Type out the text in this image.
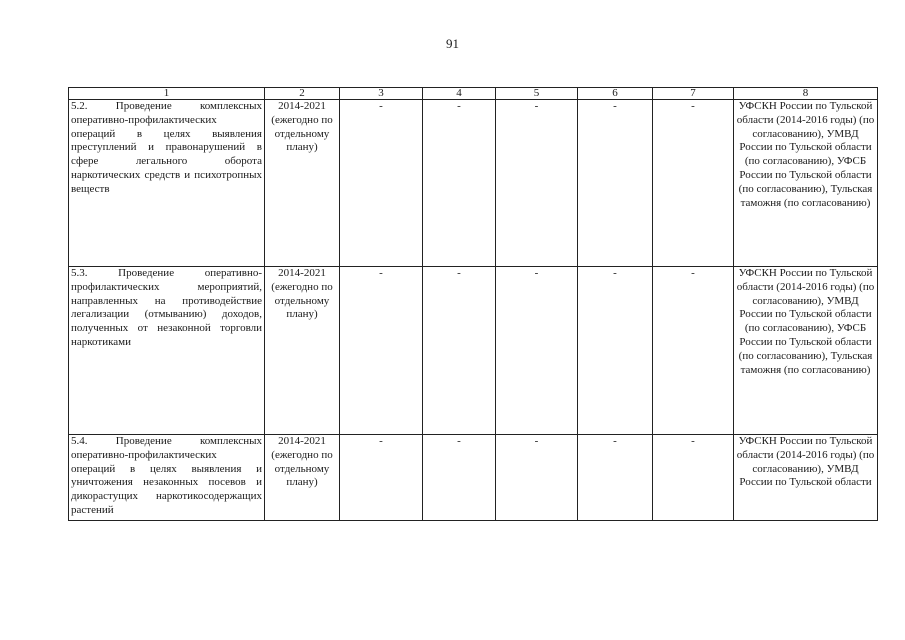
91
1	2	3	4	5	6	7	8
5.2. Проведение комплексных оперативно-профилактических операций в целях выявления преступлений и правонарушений в сфере легального оборота наркотических средств и психотропных веществ	2014-2021 (ежегодно по отдельному плану)	-	-	-	-	-	УФСКН России по Тульской области (2014-2016 годы) (по согласованию), УМВД России по Тульской области (по согласованию), УФСБ России по Тульской области (по согласованию), Тульская таможня (по согласованию)
5.3. Проведение оперативно-профилактических мероприятий, направленных на противодействие легализации (отмыванию) доходов, полученных от незаконной торговли наркотиками	2014-2021 (ежегодно по отдельному плану)	-	-	-	-	-	УФСКН России по Тульской области (2014-2016 годы) (по согласованию), УМВД России по Тульской области (по согласованию), УФСБ России по Тульской области (по согласованию), Тульская таможня (по согласованию)
5.4. Проведение комплексных оперативно-профилактических операций в целях выявления и уничтожения незаконных посевов и дикорастущих наркотикосодержащих растений	2014-2021 (ежегодно по отдельному плану)	-	-	-	-	-	УФСКН России по Тульской области (2014-2016 годы) (по согласованию), УМВД России по Тульской области
